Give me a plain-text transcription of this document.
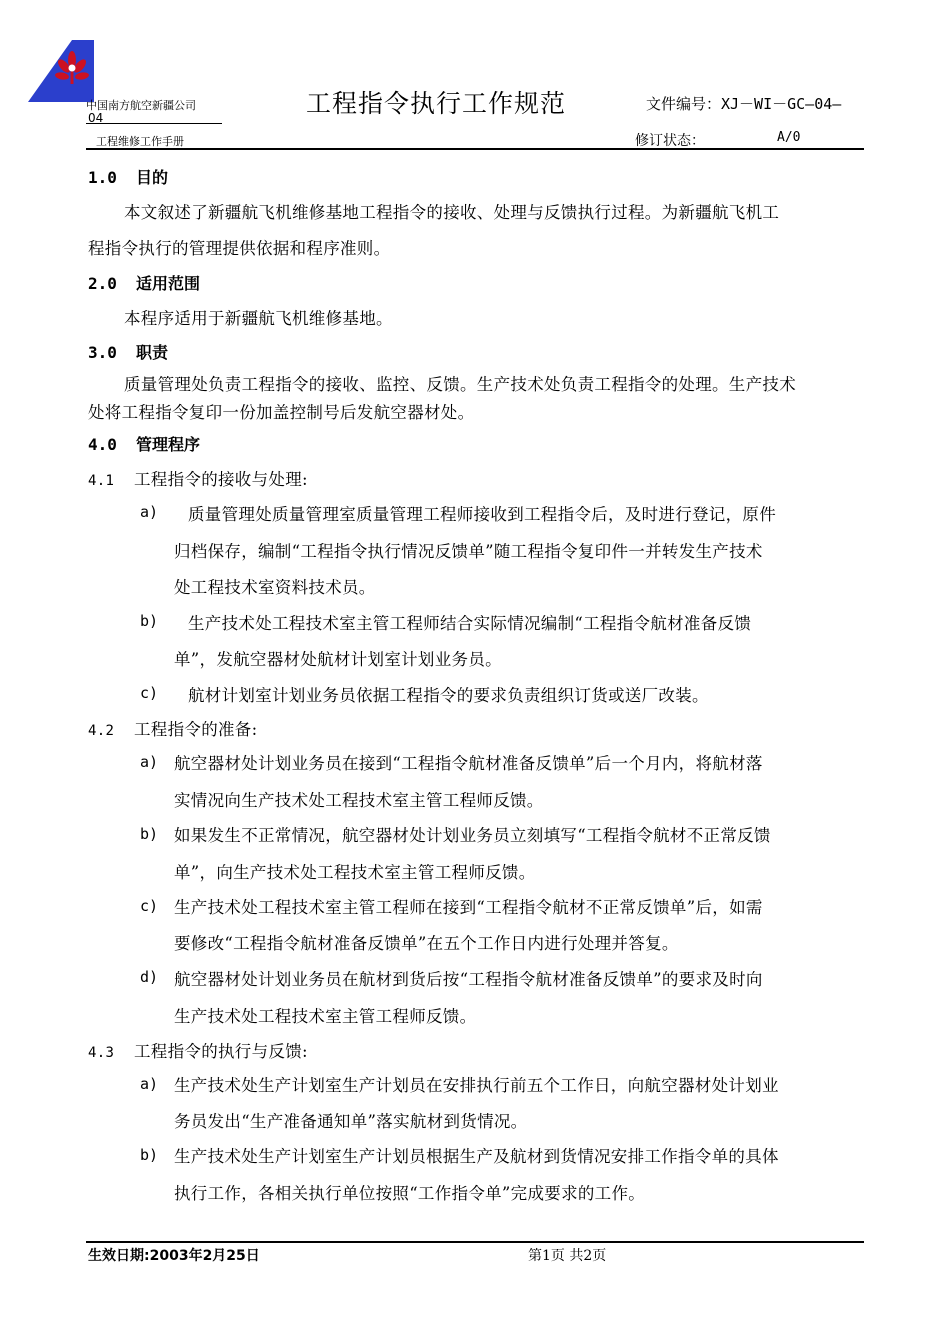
中国南方航空新疆公司
04
工程维修工作手册
工程指令执行工作规范	文件编号：XJ－WI－GC—04—
修订状态：	A/0
1.0 目的
本文叙述了新疆航飞机维修基地工程指令的接收、处理与反馈执行过程。为新疆航飞机工
程指令执行的管理提供依据和程序准则。
2.0 适用范围
本程序适用于新疆航飞机维修基地。
3.0 职责
质量管理处负责工程指令的接收、监控、反馈。生产技术处负责工程指令的处理。生产技术
处将工程指令复印一份加盖控制号后发航空器材处。
4.0 管理程序
4.1 工程指令的接收与处理:
a) 质量管理处质量管理室质量管理工程师接收到工程指令后，及时进行登记，原件
归档保存，编制“工程指令执行情况反馈单”随工程指令复印件一并转发生产技术
处工程技术室资料技术员。
b) 生产技术处工程技术室主管工程师结合实际情况编制“工程指令航材准备反馈
单”，发航空器材处航材计划室计划业务员。
c) 航材计划室计划业务员依据工程指令的要求负责组织订货或送厂改装。
4.2 工程指令的准备:
a) 航空器材处计划业务员在接到“工程指令航材准备反馈单”后一个月内，将航材落
实情况向生产技术处工程技术室主管工程师反馈。
b) 如果发生不正常情况，航空器材处计划业务员立刻填写“工程指令航材不正常反馈
单”，向生产技术处工程技术室主管工程师反馈。
c) 生产技术处工程技术室主管工程师在接到“工程指令航材不正常反馈单”后，如需
要修改“工程指令航材准备反馈单”在五个工作日内进行处理并答复。
d) 航空器材处计划业务员在航材到货后按“工程指令航材准备反馈单”的要求及时向
生产技术处工程技术室主管工程师反馈。
4.3 工程指令的执行与反馈:
a) 生产技术处生产计划室生产计划员在安排执行前五个工作日，向航空器材处计划业
务员发出“生产准备通知单”落实航材到货情况。
b) 生产技术处生产计划室生产计划员根据生产及航材到货情况安排工作指令单的具体
执行工作，各相关执行单位按照“工作指令单”完成要求的工作。
生效日期:2003年2月25日	第1页 共2页
